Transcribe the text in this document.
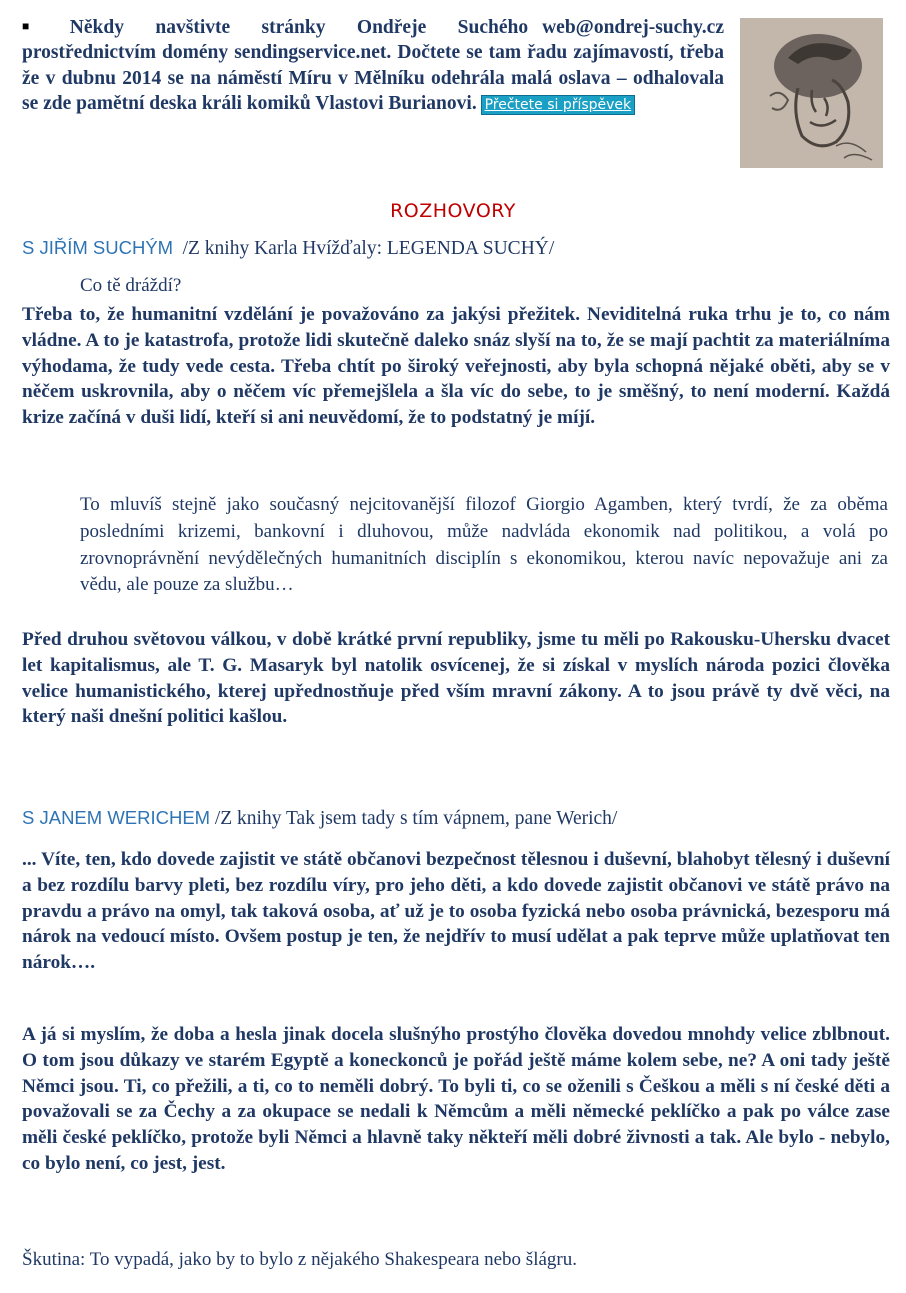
■ Někdy navštivte stránky Ondřeje Suchého web@ondrej-suchy.cz prostřednictvím domény sendingservice.net. Dočtete se tam řadu zajímavostí, třeba že v dubnu 2014 se na náměstí Míru v Mělníku odehrála malá oslava – odhalovala se zde pamětní deska králi komiků Vlastovi Burianovi. Přečtete si příspěvek
ROZHOVORY
S JIŘÍM SUCHÝM /Z knihy Karla Hvížďaly: LEGENDA SUCHÝ/
Co tě dráždí?
Třeba to, že humanitní vzdělání je považováno za jakýsi přežitek. Neviditelná ruka trhu je to, co nám vládne. A to je katastrofa, protože lidi skutečně daleko snáz slyší na to, že se mají pachtit za materiálníma výhodama, že tudy vede cesta. Třeba chtít po široký veřejnosti, aby byla schopná nějaké oběti, aby se v něčem uskrovnila, aby o něčem víc přemejšlela a šla víc do sebe, to je směšný, to není moderní. Každá krize začíná v duši lidí, kteří si ani neuvědomí, že to podstatný je míjí.
To mluvíš stejně jako současný nejcitovanější filozof Giorgio Agamben, který tvrdí, že za oběma posledními krizemi, bankovní i dluhovou, může nadvláda ekonomik nad politikou, a volá po zrovnoprávnění nevýdělečných humanitních disciplín s ekonomikou, kterou navíc nepovažuje ani za vědu, ale pouze za službu…
Před druhou světovou válkou, v době krátké první republiky, jsme tu měli po Rakousku-Uhersku dvacet let kapitalismus, ale T. G. Masaryk byl natolik osvícenej, že si získal v myslích národa pozici člověka velice humanistického, kterej upřednostňuje před vším mravní zákony. A to jsou právě ty dvě věci, na který naši dnešní politici kašlou.
S JANEM WERICHEM /Z knihy Tak jsem tady s tím vápnem, pane Werich/
... Víte, ten, kdo dovede zajistit ve státě občanovi bezpečnost tělesnou i duševní, blahobyt tělesný i duševní a bez rozdílu barvy pleti, bez rozdílu víry, pro jeho děti, a kdo dovede zajistit občanovi ve státě právo na pravdu a právo na omyl, tak taková osoba, ať už je to osoba fyzická nebo osoba právnická, bezesporu má nárok na vedoucí místo. Ovšem postup je ten, že nejdřív to musí udělat a pak teprve může uplatňovat ten nárok….
A já si myslím, že doba a hesla jinak docela slušnýho prostýho člověka dovedou mnohdy velice zblbnout. O tom jsou důkazy ve starém Egyptě a koneckonců je pořád ještě máme kolem sebe, ne? A oni tady ještě Němci jsou. Ti, co přežili, a ti, co to neměli dobrý. To byli ti, co se oženili s Češkou a měli s ní české děti a považovali se za Čechy a za okupace se nedali k Němcům a měli německé peklíčko a pak po válce zase měli české peklíčko, protože byli Němci a hlavně taky někteří měli dobré živnosti a tak. Ale bylo - nebylo, co bylo není, co jest, jest.
Škutina: To vypadá, jako by to bylo z nějakého Shakespeara nebo šlágru.
